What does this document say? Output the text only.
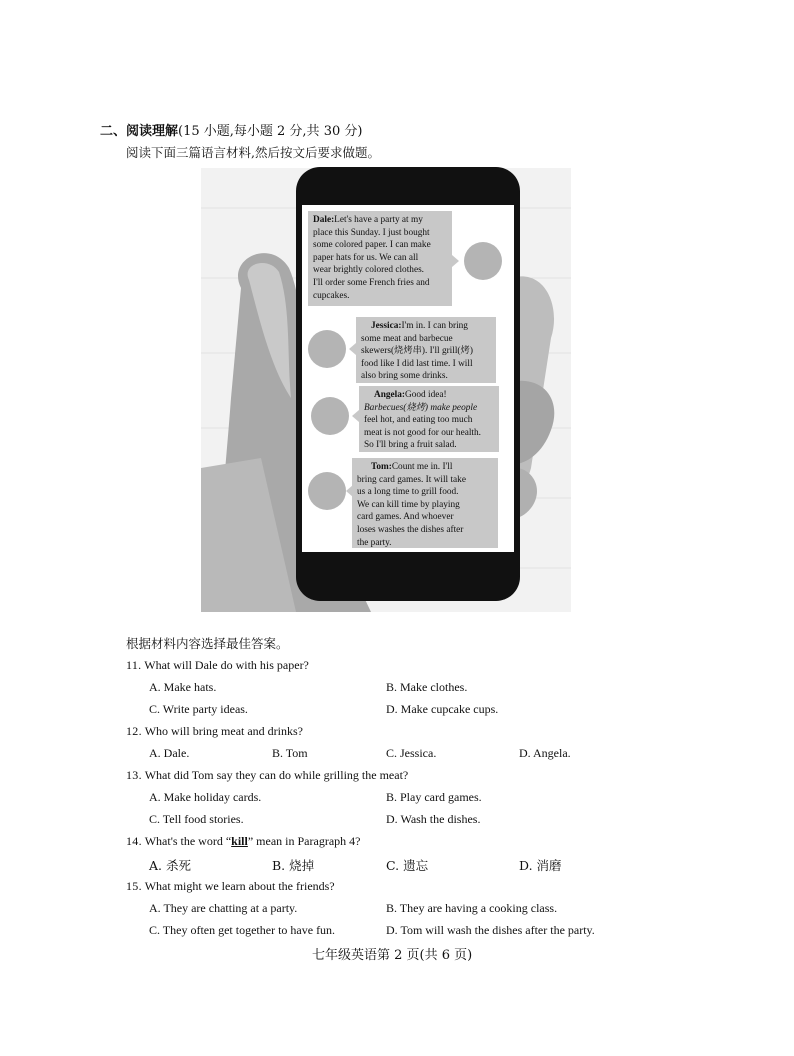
二、阅读理解(15 小题,每小题 2 分,共 30 分)
阅读下面三篇语言材料,然后按文后要求做题。
Dale:Let's have a party at my
place this Sunday. I just bought
some colored paper. I can make
paper hats for us. We can all
wear brightly colored clothes.
I'll order some French fries and
cupcakes.
Jessica:I'm in. I can bring
some meat and barbecue
skewers(烧烤串). I'll grill(烤)
food like I did last time. I will
also bring some drinks.
Angela:Good idea!
Barbecues(烧烤) make people
feel hot, and eating too much
meat is not good for our health.
So I'll bring a fruit salad.
Tom:Count me in. I'll
bring card games. It will take
us a long time to grill food.
We can kill time by playing
card games. And whoever
loses washes the dishes after
the party.
根据材料内容选择最佳答案。
11. What will Dale do with his paper?
A. Make hats.	B. Make clothes.
C. Write party ideas.	D. Make cupcake cups.
12. Who will bring meat and drinks?
A. Dale.	B. Tom	C. Jessica.	D. Angela.
13. What did Tom say they can do while grilling the meat?
A. Make holiday cards.	B. Play card games.
C. Tell food stories.	D. Wash the dishes.
14. What's the word “kill” mean in Paragraph 4?
A. 杀死	B. 烧掉	C. 遗忘	D. 消磨
15. What might we learn about the friends?
A. They are chatting at a party.	B. They are having a cooking class.
C. They often get together to have fun.	D. Tom will wash the dishes after the party.
七年级英语第 2 页(共 6 页)
